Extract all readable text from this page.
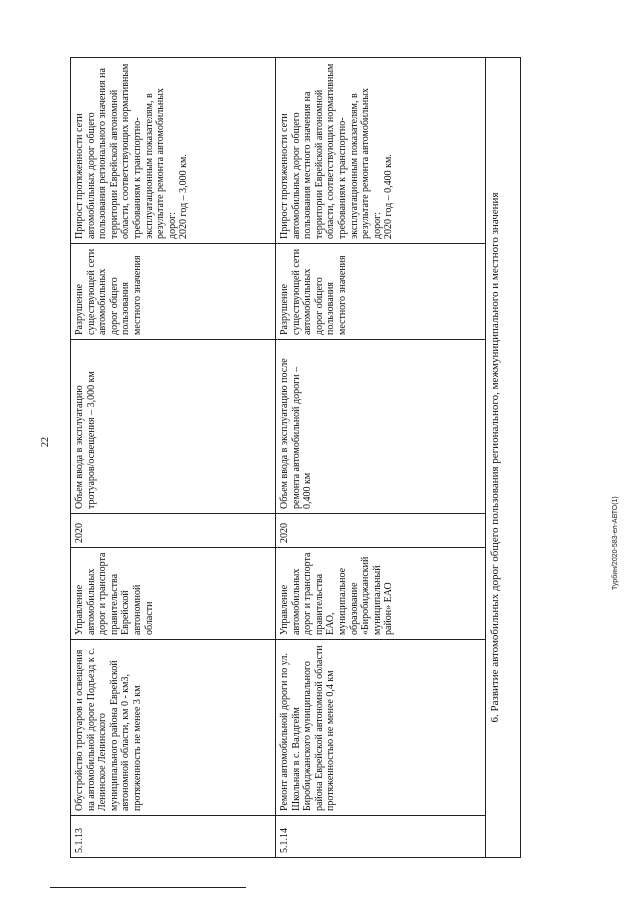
22
5.1.13	Обустройство тротуаров и освещения на автомобильной дороге Подъезд к с. Ленинское Ленинского муниципального района Еврейской автономной области, км 0 - км3, протяженность не менее 3 км	Управление автомобильных дорог и транспорта правительства Еврейской автономной области	2020	Объем ввода в эксплуатацию тротуаров/освещения – 3,000 км	Разрушение существующей сети автомобильных дорог общего пользования местного значения	Прирост протяженности сети автомобильных дорог общего пользования регионального значения на территории Еврейской автономной области, соответствующих нормативным требованиям к транспортно-эксплуатационным показателям, в результате ремонта автомобильных дорог:
2020 год – 3,000 км.
5.1.14	Ремонт автомобильной дороги по ул. Школьная в с. Валдгейм Биробиджанского муниципального района Еврейской автономной области протяженностью не менее 0,4 км	Управление автомобильных дорог и транспорта правительства ЕАО, муниципальное образование «Биробиджанский муниципальный район» ЕАО	2020	Объем ввода в эксплуатацию после ремонта автомобильной дороги – 0,400 км	Разрушение существующей сети автомобильных дорог общего пользования местного значения	Прирост протяженности сети автомобильных дорог общего пользования местного значения на территории Еврейской автономной области, соответствующих нормативным требованиям к транспортно-эксплуатационным показателям, в результате ремонта автомобильных дорог:
2020 год – 0,400 км.
6. Развитие автомобильных дорог общего пользования регионального, межмуниципального и местного значения							Турбин/2020-583-ел-АВТО(1)
